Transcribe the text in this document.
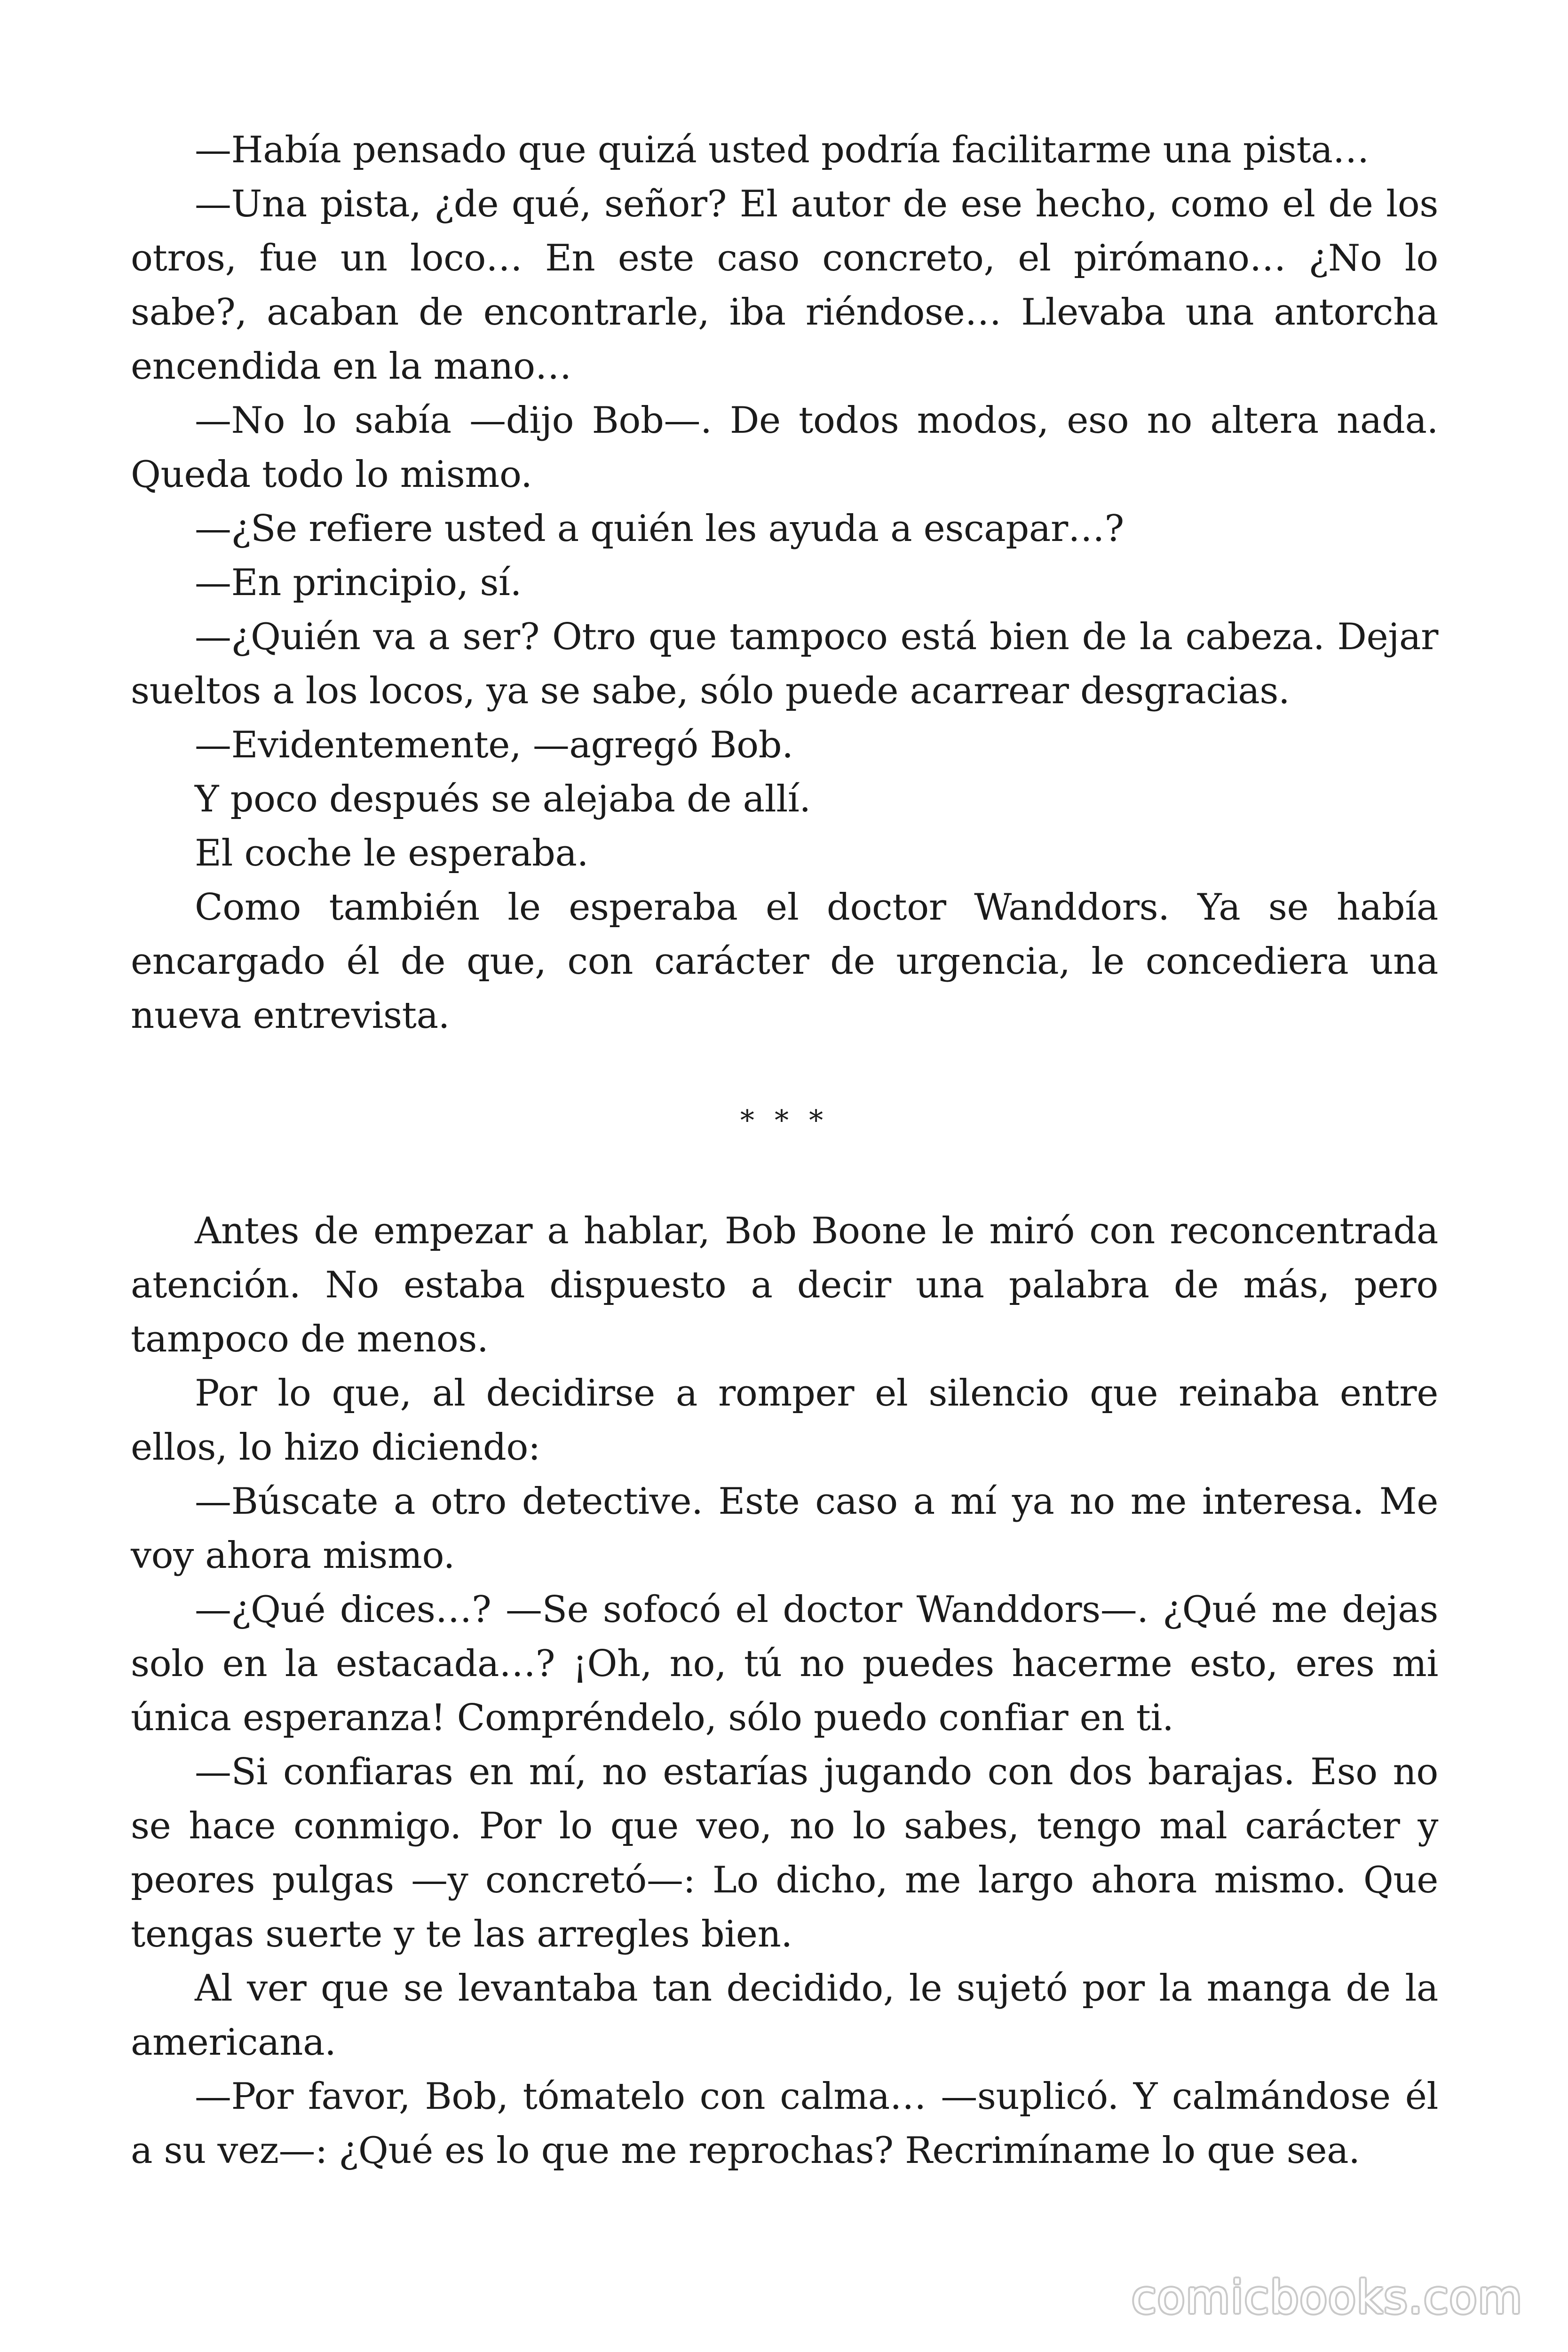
—Había pensado que quizá usted podría facilitarme una pista…

—Una pista, ¿de qué, señor? El autor de ese hecho, como el de los otros, fue un loco… En este caso concreto, el pirómano… ¿No lo sabe?, acaban de encontrarle, iba riéndose… Llevaba una antorcha encendida en la mano…

—No lo sabía —dijo Bob—. De todos modos, eso no altera nada. Queda todo lo mismo.

—¿Se refiere usted a quién les ayuda a escapar…?

—En principio, sí.

—¿Quién va a ser? Otro que tampoco está bien de la cabeza. Dejar sueltos a los locos, ya se sabe, sólo puede acarrear desgracias.

—Evidentemente, —agregó Bob.

Y poco después se alejaba de allí.

El coche le esperaba.

Como también le esperaba el doctor Wanddors. Ya se había encargado él de que, con carácter de urgencia, le concediera una nueva entrevista.

* * *

Antes de empezar a hablar, Bob Boone le miró con reconcentrada atención. No estaba dispuesto a decir una palabra de más, pero tampoco de menos.

Por lo que, al decidirse a romper el silencio que reinaba entre ellos, lo hizo diciendo:

—Búscate a otro detective. Este caso a mí ya no me interesa. Me voy ahora mismo.

—¿Qué dices…? —Se sofocó el doctor Wanddors—. ¿Qué me dejas solo en la estacada…? ¡Oh, no, tú no puedes hacerme esto, eres mi única esperanza! Compréndelo, sólo puedo confiar en ti.

—Si confiaras en mí, no estarías jugando con dos barajas. Eso no se hace conmigo. Por lo que veo, no lo sabes, tengo mal carácter y peores pulgas —y concretó—: Lo dicho, me largo ahora mismo. Que tengas suerte y te las arregles bien.

Al ver que se levantaba tan decidido, le sujetó por la manga de la americana.

—Por favor, Bob, tómatelo con calma… —suplicó. Y calmándose él a su vez—: ¿Qué es lo que me reprochas? Recrimíname lo que sea.

comicbooks.com
